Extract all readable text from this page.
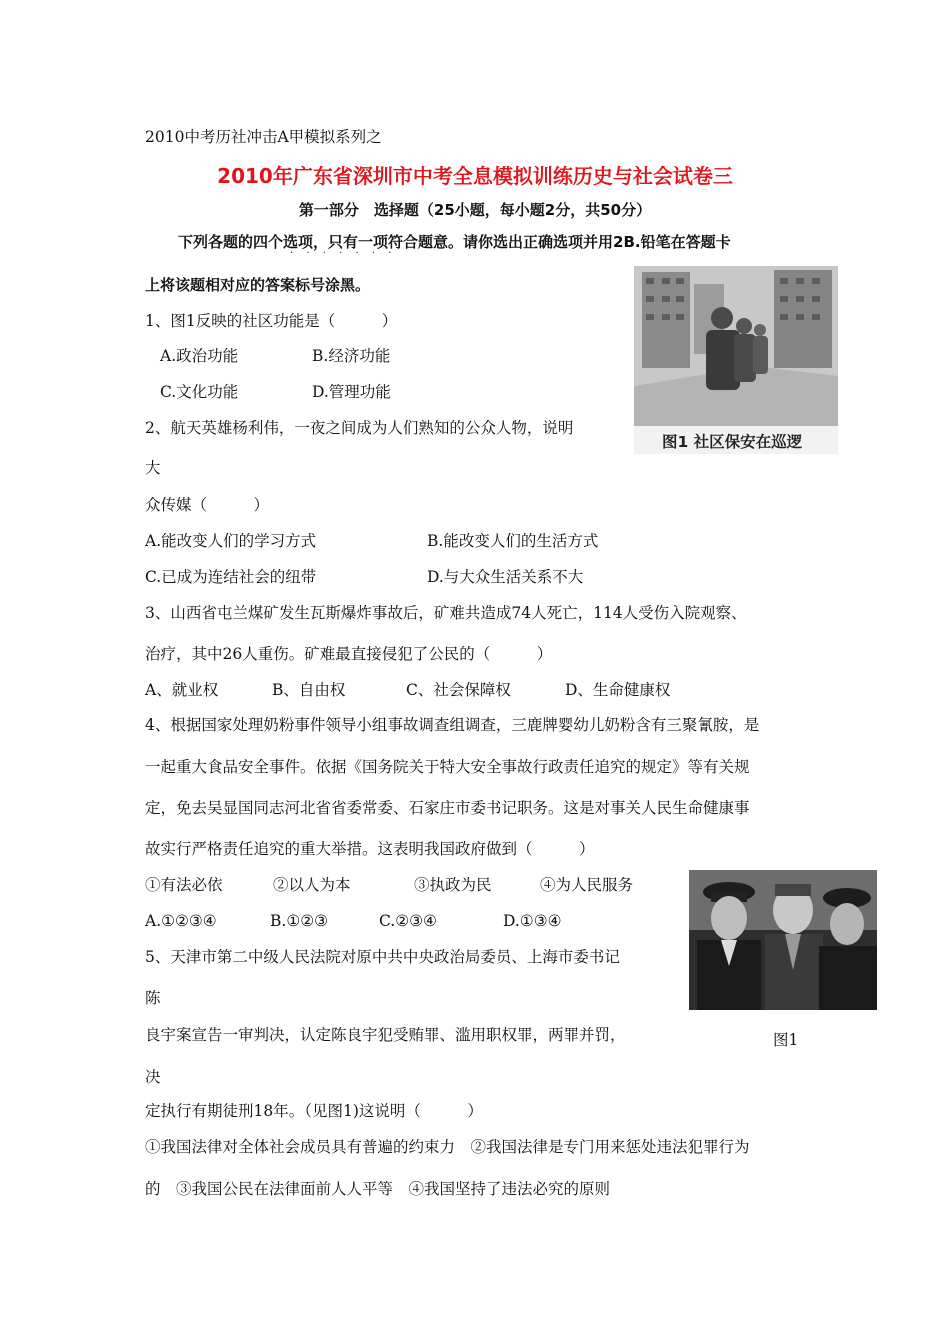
2010中考历社冲击A甲模拟系列之
2010年广东省深圳市中考全息模拟训练历史与社会试卷三
第一部分　选择题（25小题，每小题2分，共50分）
下列各题的四个选项，只有一项符合题意。请你选出正确选项并用2B.铅笔在答题卡
·······
上将该题相对应的答案标号涂黑。
图1 社区保安在巡逻
1、图1反映的社区功能是（　　　）
A.政治功能	B.经济功能
C.文化功能	D.管理功能
2、航天英雄杨利伟，一夜之间成为人们熟知的公众人物，说明
大
众传媒（　　　）
A.能改变人们的学习方式	B.能改变人们的生活方式
C.已成为连结社会的纽带	D.与大众生活关系不大
3、山西省屯兰煤矿发生瓦斯爆炸事故后，矿难共造成74人死亡，114人受伤入院观察、
治疗，其中26人重伤。矿难最直接侵犯了公民的（　　　）
A、就业权	B、自由权	C、社会保障权	D、生命健康权
4、根据国家处理奶粉事件领导小组事故调查组调查，三鹿牌婴幼儿奶粉含有三聚氰胺，是
一起重大食品安全事件。依据《国务院关于特大安全事故行政责任追究的规定》等有关规
定，免去吴显国同志河北省省委常委、石家庄市委书记职务。这是对事关人民生命健康事
故实行严格责任追究的重大举措。这表明我国政府做到（　　　）
①有法必依	②以人为本	③执政为民	④为人民服务
A.①②③④	B.①②③	C.②③④	D.①③④
图1
5、天津市第二中级人民法院对原中共中央政治局委员、上海市委书记
陈
良宇案宣告一审判决，认定陈良宇犯受贿罪、滥用职权罪，两罪并罚，
决
定执行有期徒刑18年。（见图1)这说明（　　　）
①我国法律对全体社会成员具有普遍的约束力　②我国法律是专门用来惩处违法犯罪行为
的　③我国公民在法律面前人人平等　④我国坚持了违法必究的原则
